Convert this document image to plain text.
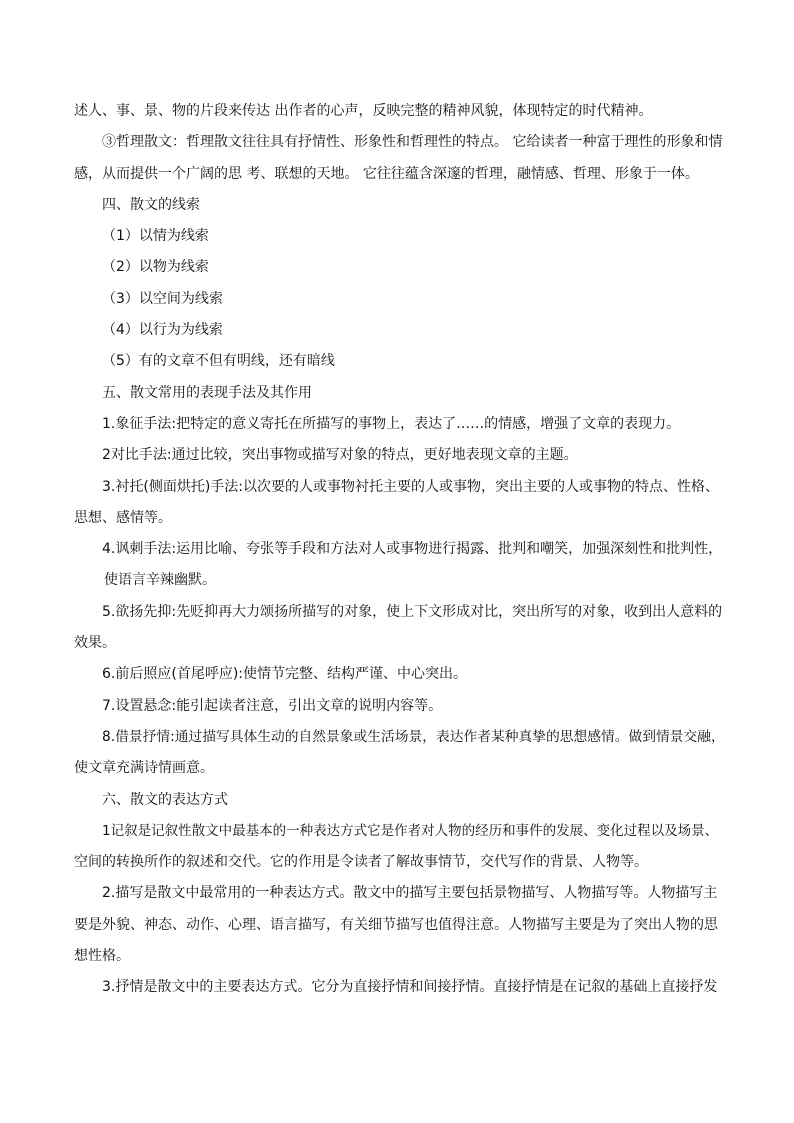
述人、事、景、物的片段来传达 出作者的心声，反映完整的精神风貌，体现特定的时代精神。
③哲理散文：哲理散文往往具有抒情性、形象性和哲理性的特点。 它给读者一种富于理性的形象和情
感，从而提供一个广阔的思 考、联想的天地。 它往往蕴含深邃的哲理，融情感、哲理、形象于一体。
四、散文的线索
（1）以情为线索
（2）以物为线索
（3）以空间为线索
（4）以行为为线索
（5）有的文章不但有明线，还有暗线
五、散文常用的表现手法及其作用
1.象征手法:把特定的意义寄托在所描写的事物上，表达了……的情感，增强了文章的表现力。
2对比手法:通过比较，突出事物或描写对象的特点，更好地表现文章的主题。
3.衬托(侧面烘托)手法:以次要的人或事物衬托主要的人或事物，突出主要的人或事物的特点、性格、
思想、感情等。
4.讽刺手法:运用比喻、夸张等手段和方法对人或事物进行揭露、批判和嘲笑，加强深刻性和批判性，
使语言辛辣幽默。
5.欲扬先抑:先贬抑再大力颂扬所描写的对象，使上下文形成对比，突出所写的对象，收到出人意料的
效果。
6.前后照应(首尾呼应):使情节完整、结构严谨、中心突出。
7.设置悬念:能引起读者注意，引出文章的说明内容等。
8.借景抒情:通过描写具体生动的自然景象或生活场景，表达作者某种真挚的思想感情。做到情景交融，
使文章充满诗情画意。
六、散文的表达方式
1记叙是记叙性散文中最基本的一种表达方式它是作者对人物的经历和事件的发展、变化过程以及场景、
空间的转换所作的叙述和交代。它的作用是令读者了解故事情节，交代写作的背景、人物等。
2.描写是散文中最常用的一种表达方式。散文中的描写主要包括景物描写、人物描写等。人物描写主
要是外貌、神态、动作、心理、语言描写，有关细节描写也值得注意。人物描写主要是为了突出人物的思
想性格。
3.抒情是散文中的主要表达方式。它分为直接抒情和间接抒情。直接抒情是在记叙的基础上直接抒发
